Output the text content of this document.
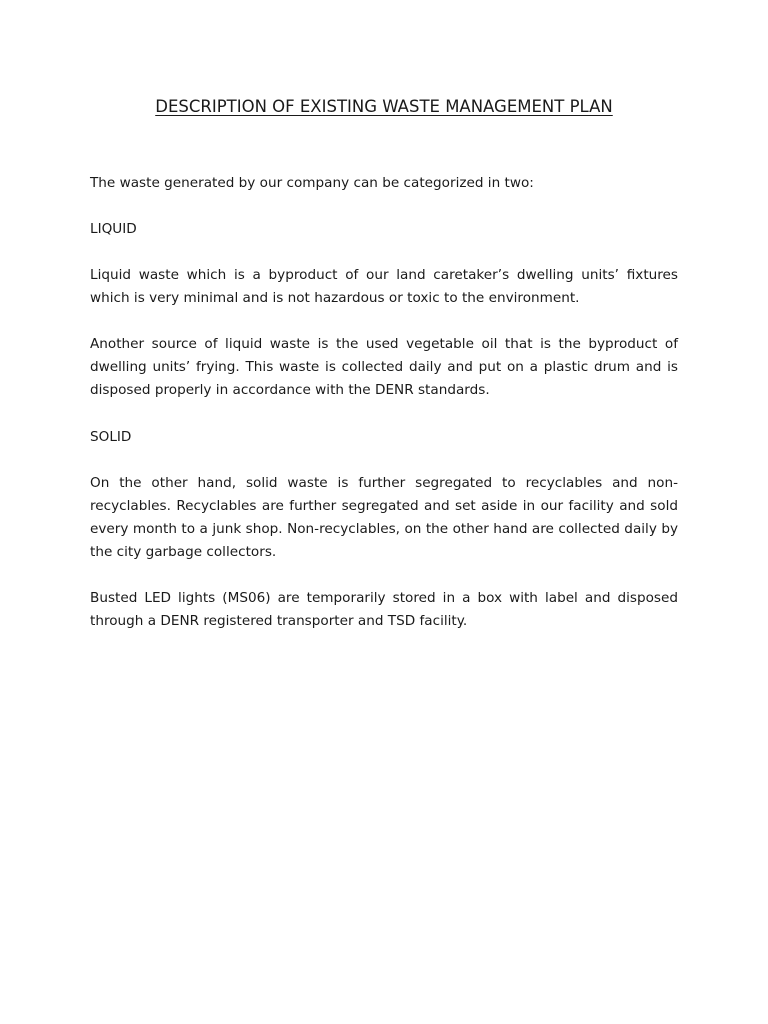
DESCRIPTION OF EXISTING WASTE MANAGEMENT PLAN

The waste generated by our company can be categorized in two:

LIQUID

Liquid waste which is a byproduct of our land caretaker’s dwelling units’ fixtures which is very minimal and is not hazardous or toxic to the environment.

Another source of liquid waste is the used vegetable oil that is the byproduct of dwelling units’ frying. This waste is collected daily and put on a plastic drum and is disposed properly in accordance with the DENR standards.

SOLID

On the other hand, solid waste is further segregated to recyclables and non-recyclables. Recyclables are further segregated and set aside in our facility and sold every month to a junk shop. Non-recyclables, on the other hand are collected daily by the city garbage collectors.

Busted LED lights (MS06) are temporarily stored in a box with label and disposed through a DENR registered transporter and TSD facility.
